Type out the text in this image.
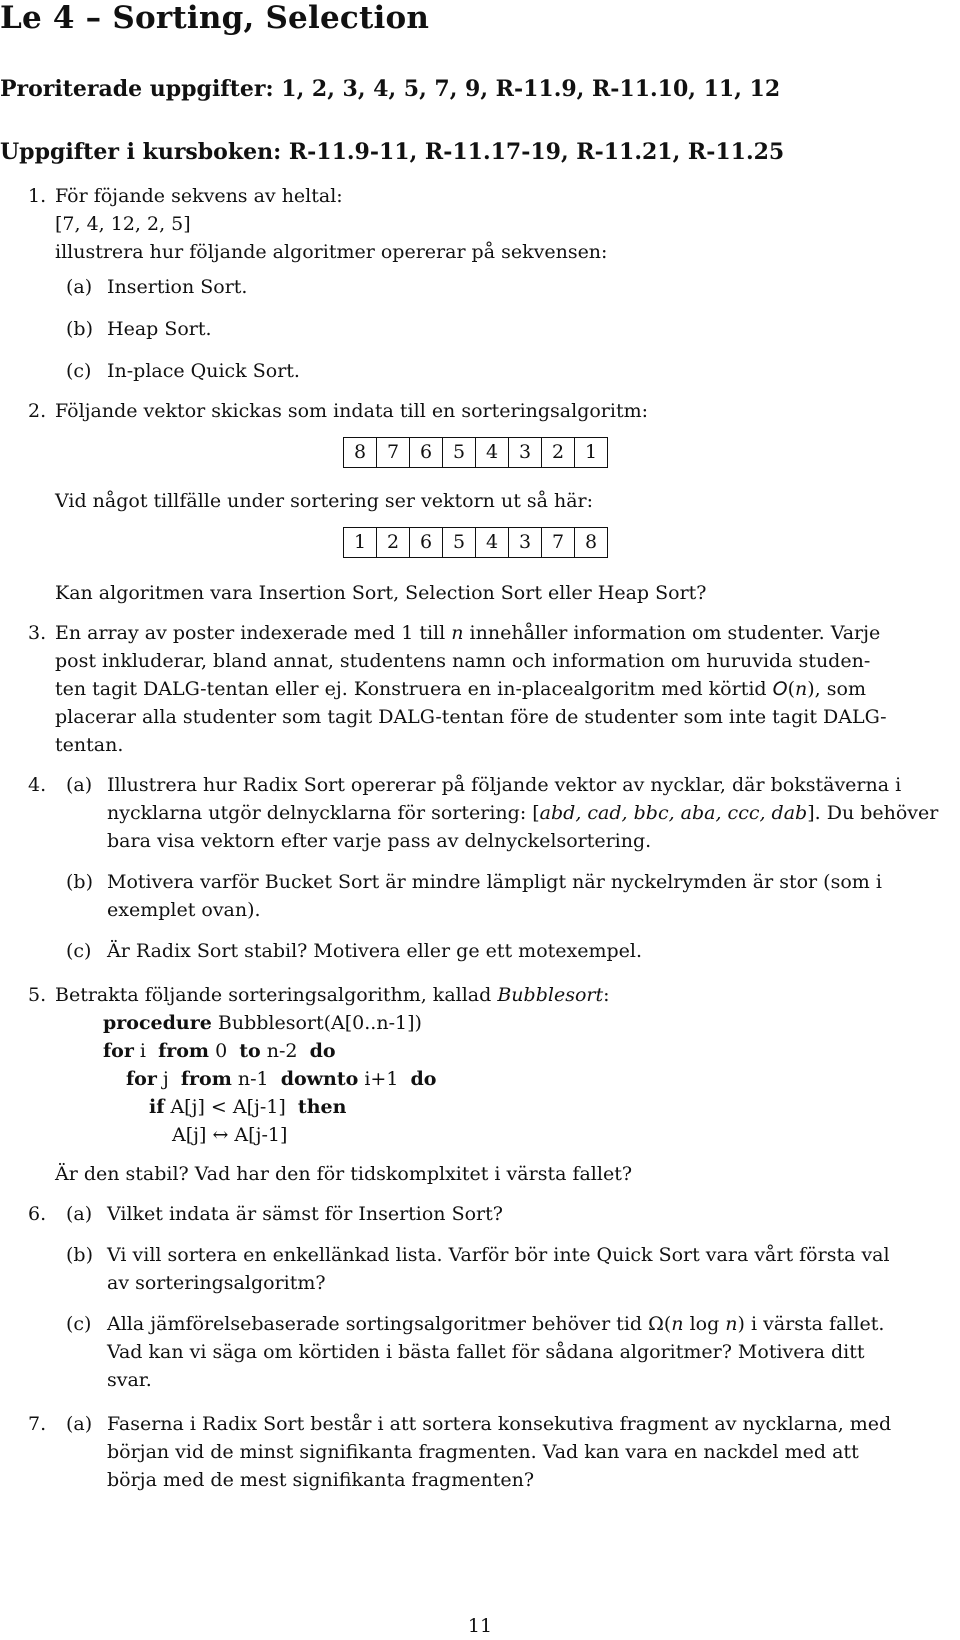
Le 4 – Sorting, Selection

Proriterade uppgifter: 1, 2, 3, 4, 5, 7, 9, R-11.9, R-11.10, 11, 12

Uppgifter i kursboken: R-11.9-11, R-11.17-19, R-11.21, R-11.25

1. För föjande sekvens av heltal:
[7, 4, 12, 2, 5]
illustrera hur följande algoritmer opererar på sekvensen:
(a) Insertion Sort.
(b) Heap Sort.
(c) In-place Quick Sort.
2. Följande vektor skickas som indata till en sorteringsalgoritm:
8	7	6	5	4	3	2	1
Vid något tillfälle under sortering ser vektorn ut så här:
1	2	6	5	4	3	7	8
Kan algoritmen vara Insertion Sort, Selection Sort eller Heap Sort?
3. En array av poster indexerade med 1 till n innehåller information om studenter. Varje
post inkluderar, bland annat, studentens namn och information om huruvida studen-
ten tagit DALG-tentan eller ej. Konstruera en in-placealgoritm med körtid O(n), som
placerar alla studenter som tagit DALG-tentan före de studenter som inte tagit DALG-
tentan.
4. (a) Illustrera hur Radix Sort opererar på följande vektor av nycklar, där bokstäverna i
nycklarna utgör delnycklarna för sortering: [abd, cad, bbc, aba, ccc, dab]. Du behöver
bara visa vektorn efter varje pass av delnyckelsortering.
(b) Motivera varför Bucket Sort är mindre lämpligt när nyckelrymden är stor (som i
exemplet ovan).
(c) Är Radix Sort stabil? Motivera eller ge ett motexempel.
5. Betrakta följande sorteringsalgorithm, kallad Bubblesort:
procedure Bubblesort(A[0..n-1])
for i  from 0  to n-2  do
for j  from n-1  downto i+1  do
if A[j] < A[j-1]  then
A[j] ↔ A[j-1]
Är den stabil? Vad har den för tidskomplxitet i värsta fallet?
6. (a) Vilket indata är sämst för Insertion Sort?
(b) Vi vill sortera en enkellänkad lista. Varför bör inte Quick Sort vara vårt första val
av sorteringsalgoritm?
(c) Alla jämförelsebaserade sortingsalgoritmer behöver tid Ω(n log n) i värsta fallet.
Vad kan vi säga om körtiden i bästa fallet för sådana algoritmer? Motivera ditt
svar.
7. (a) Faserna i Radix Sort består i att sortera konsekutiva fragment av nycklarna, med
början vid de minst signifikanta fragmenten. Vad kan vara en nackdel med att
börja med de mest signifikanta fragmenten?
11
